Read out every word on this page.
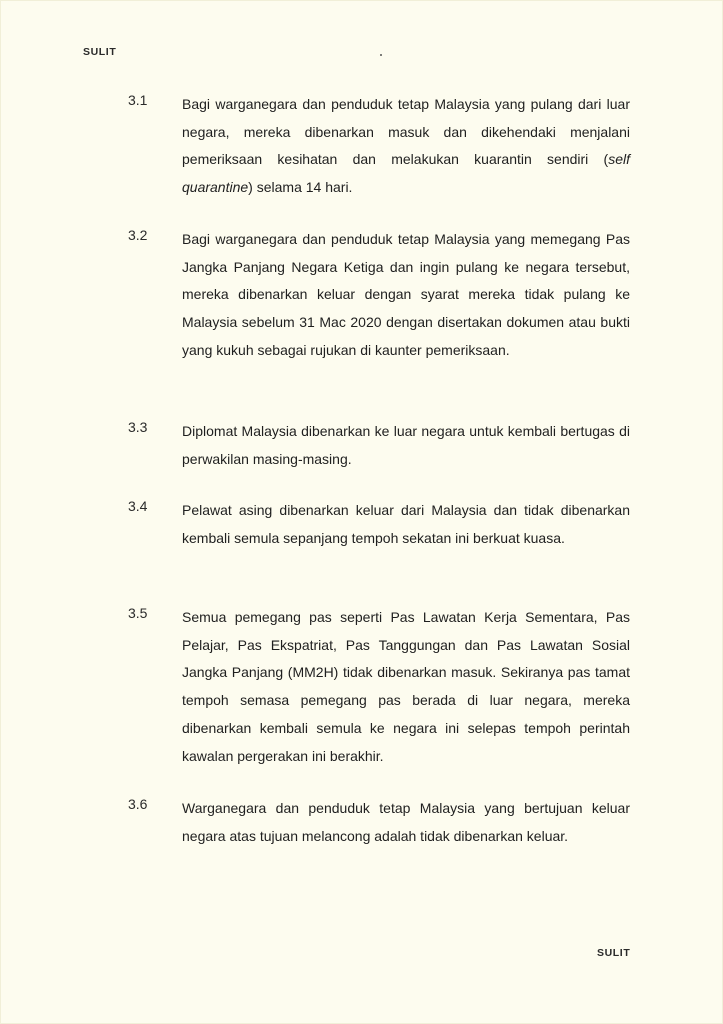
SULIT
3.1 Bagi warganegara dan penduduk tetap Malaysia yang pulang dari luar negara, mereka dibenarkan masuk dan dikehendaki menjalani pemeriksaan kesihatan dan melakukan kuarantin sendiri (self quarantine) selama 14 hari.
3.2 Bagi warganegara dan penduduk tetap Malaysia yang memegang Pas Jangka Panjang Negara Ketiga dan ingin pulang ke negara tersebut, mereka dibenarkan keluar dengan syarat mereka tidak pulang ke Malaysia sebelum 31 Mac 2020 dengan disertakan dokumen atau bukti yang kukuh sebagai rujukan di kaunter pemeriksaan.
3.3 Diplomat Malaysia dibenarkan ke luar negara untuk kembali bertugas di perwakilan masing-masing.
3.4 Pelawat asing dibenarkan keluar dari Malaysia dan tidak dibenarkan kembali semula sepanjang tempoh sekatan ini berkuat kuasa.
3.5 Semua pemegang pas seperti Pas Lawatan Kerja Sementara, Pas Pelajar, Pas Ekspatriat, Pas Tanggungan dan Pas Lawatan Sosial Jangka Panjang (MM2H) tidak dibenarkan masuk. Sekiranya pas tamat tempoh semasa pemegang pas berada di luar negara, mereka dibenarkan kembali semula ke negara ini selepas tempoh perintah kawalan pergerakan ini berakhir.
3.6 Warganegara dan penduduk tetap Malaysia yang bertujuan keluar negara atas tujuan melancong adalah tidak dibenarkan keluar.
SULIT
